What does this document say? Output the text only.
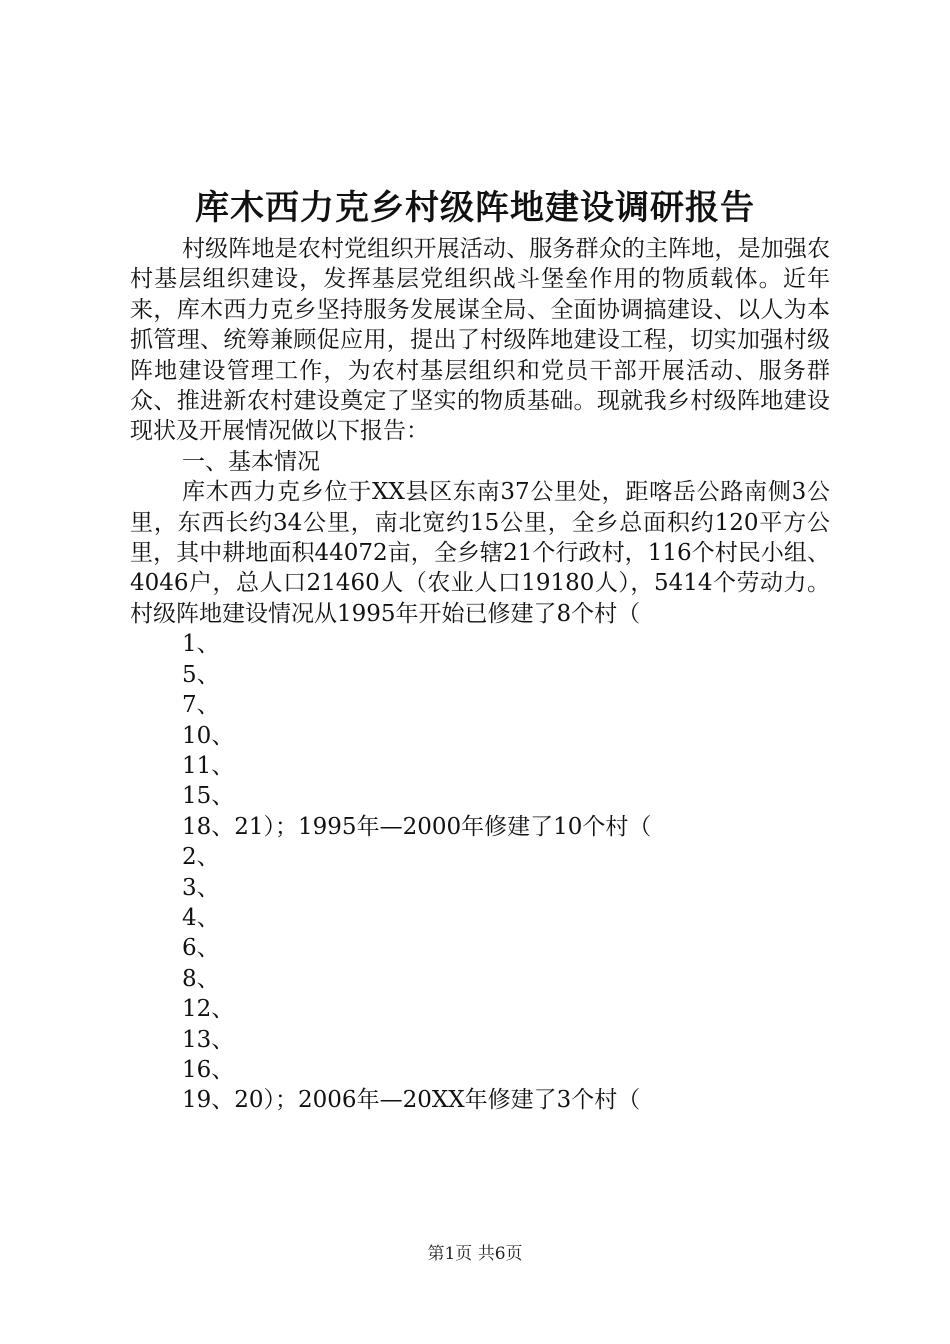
库木西力克乡村级阵地建设调研报告

村级阵地是农村党组织开展活动、服务群众的主阵地，是加强农村基层组织建设，发挥基层党组织战斗堡垒作用的物质载体。近年来，库木西力克乡坚持服务发展谋全局、全面协调搞建设、以人为本抓管理、统筹兼顾促应用，提出了村级阵地建设工程，切实加强村级阵地建设管理工作，为农村基层组织和党员干部开展活动、服务群众、推进新农村建设奠定了坚实的物质基础。现就我乡村级阵地建设现状及开展情况做以下报告：

一、基本情况

库木西力克乡位于XX县区东南37公里处，距喀岳公路南侧3公里，东西长约34公里，南北宽约15公里，全乡总面积约120平方公里，其中耕地面积44072亩，全乡辖21个行政村，116个村民小组、4046户，总人口21460人（农业人口19180人），5414个劳动力。村级阵地建设情况从1995年开始已修建了8个村（

1、

5、

7、

10、

11、

15、

18、21）；1995年—2000年修建了10个村（

2、

3、

4、

6、

8、

12、

13、

16、

19、20）；2006年—20XX年修建了3个村（

第1页 共6页
